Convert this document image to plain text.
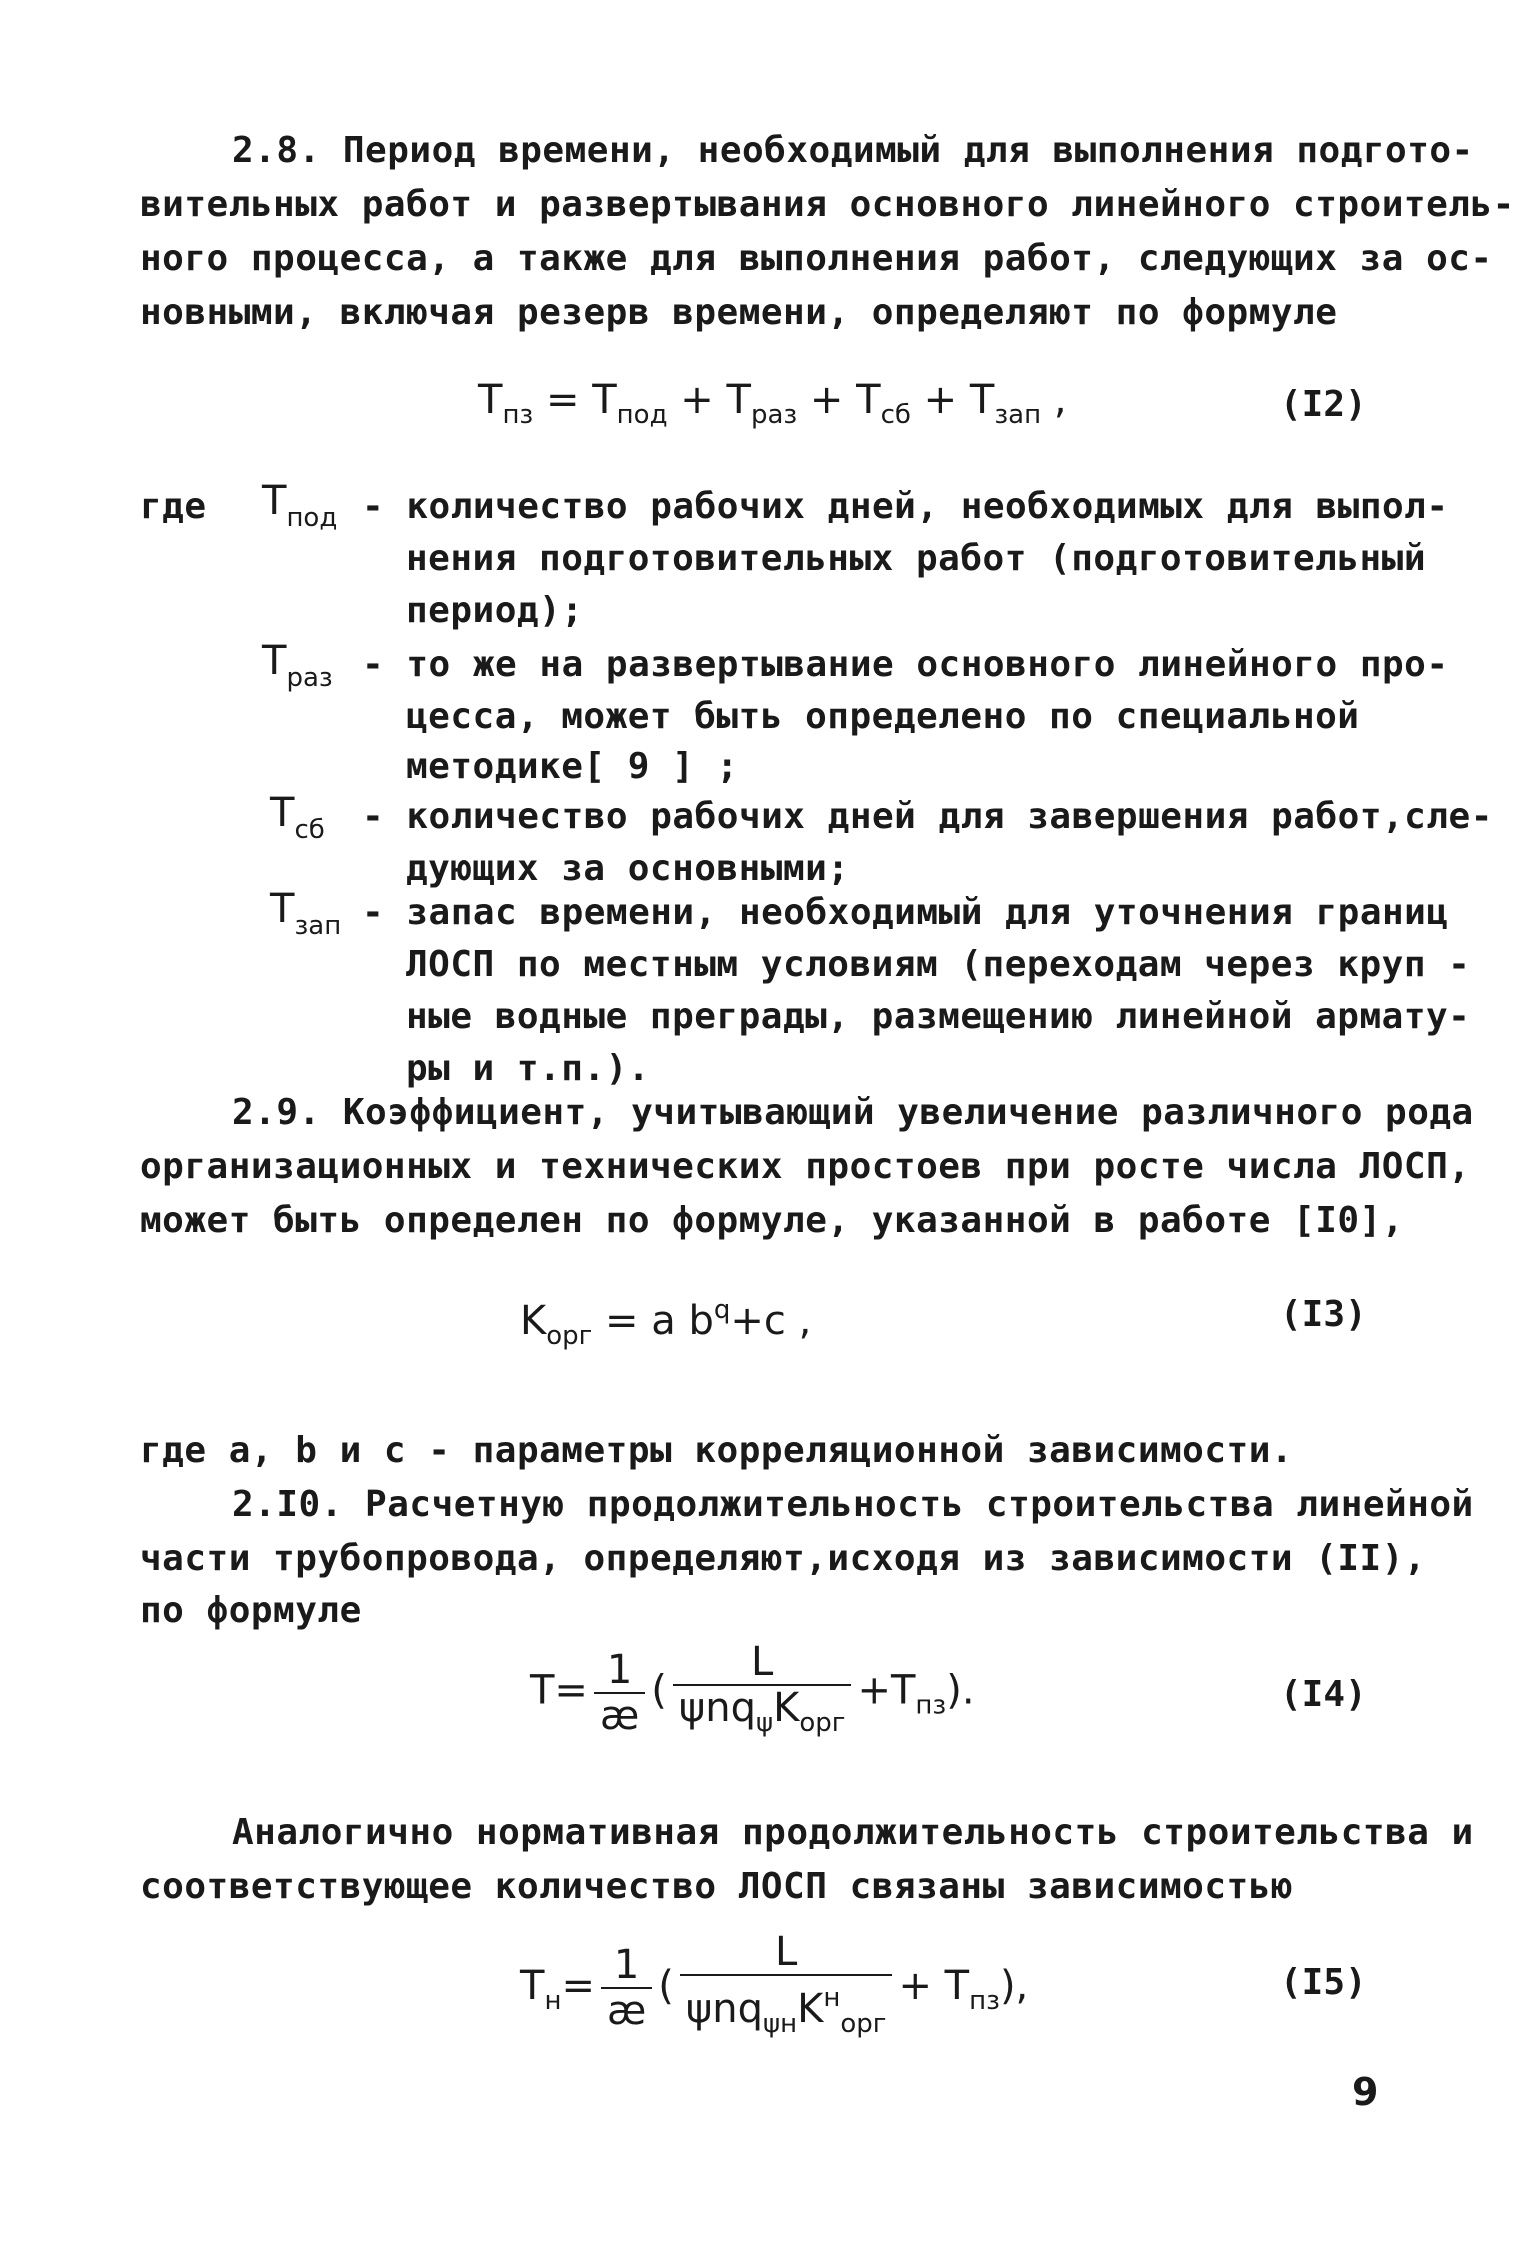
2.8. Период времени, необходимый для выполнения подгото-
вительных работ и развертывания основного линейного строитель-
ного процесса, а также для выполнения работ, следующих за ос-
новными, включая резерв времени, определяют по формуле
$T_{пз} = T_{под} + T_{раз} + T_{сб} + T_{зап}$ ,	(I2)
где $T_{под}$ - количество рабочих дней, необходимых для выпол-
нения подготовительных работ (подготовительный
период);
$T_{раз}$ - то же на развертывание основного линейного про-
цесса, может быть определено по специальной
методике[ 9 ] ;
$T_{сб}$ - количество рабочих дней для завершения работ,сле-
дующих за основными;
$T_{зап}$ - запас времени, необходимый для уточнения границ
ЛОСП по местным условиям (переходам через круп -
ные водные преграды, размещению линейной армату-
ры и т.п.).
2.9. Коэффициент, учитывающий увеличение различного рода
организационных и технических простоев при росте числа ЛОСП,
может быть определен по формуле, указанной в работе [I0],
$K_{орг} = a$ $b^q+c$ ,	(I3)
где a, b и c - параметры корреляционной зависимости.
2.I0. Расчетную продолжительность строительства линейной
части трубопровода, определяют,исходя из зависимости (II),
по формуле
$T= \frac{1}{æ}$ ( $\frac{L}{\psi nq_\psi K_{орг}} +T_{пз}$).	(I4)
Аналогично нормативная продолжительность строительства и
соответствующее количество ЛОСП связаны зависимостью
$T_н= \frac{1}{æ}$ ( $\frac{L}{\psi nq_{\psi н}K^н_{орг}} + T_{пз}$),	(I5)
9
